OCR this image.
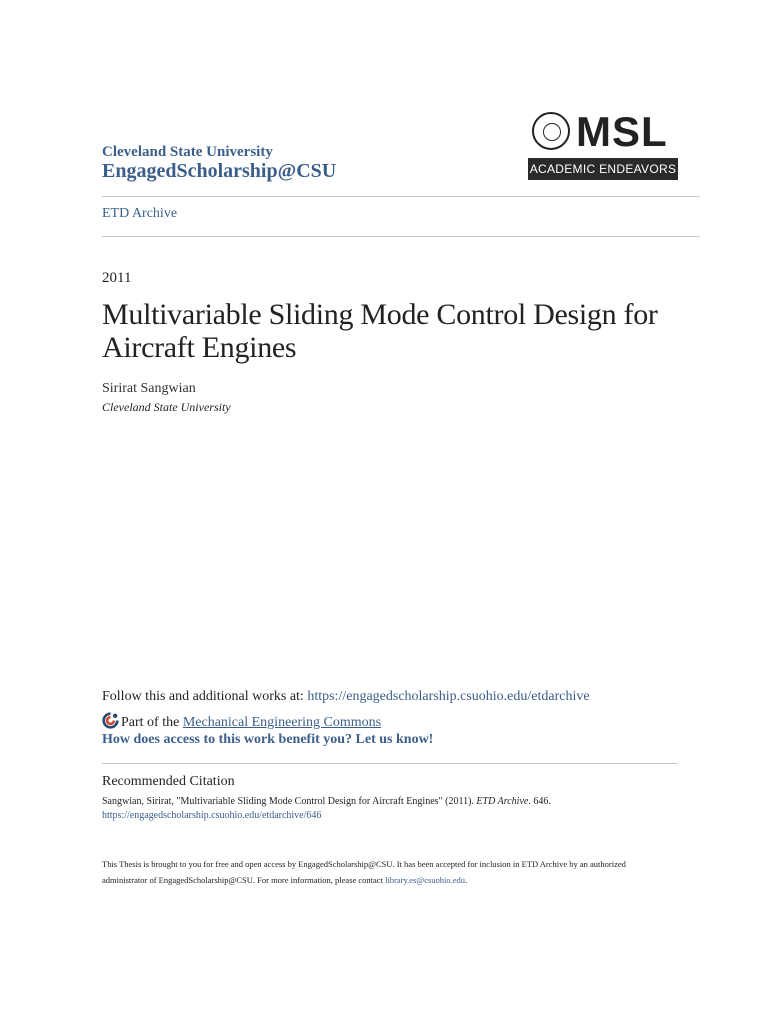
Cleveland State University
EngagedScholarship@CSU
MSL
ACADEMIC ENDEAVORS
ETD Archive
2011
Multivariable Sliding Mode Control Design for Aircraft Engines
Sirirat Sangwian
Cleveland State University
Follow this and additional works at: https://engagedscholarship.csuohio.edu/etdarchive
Part of the Mechanical Engineering Commons
How does access to this work benefit you? Let us know!
Recommended Citation
Sangwian, Sirirat, "Multivariable Sliding Mode Control Design for Aircraft Engines" (2011). ETD Archive. 646.
https://engagedscholarship.csuohio.edu/etdarchive/646
This Thesis is brought to you for free and open access by EngagedScholarship@CSU. It has been accepted for inclusion in ETD Archive by an authorized administrator of EngagedScholarship@CSU. For more information, please contact library.es@csuohio.edu.
